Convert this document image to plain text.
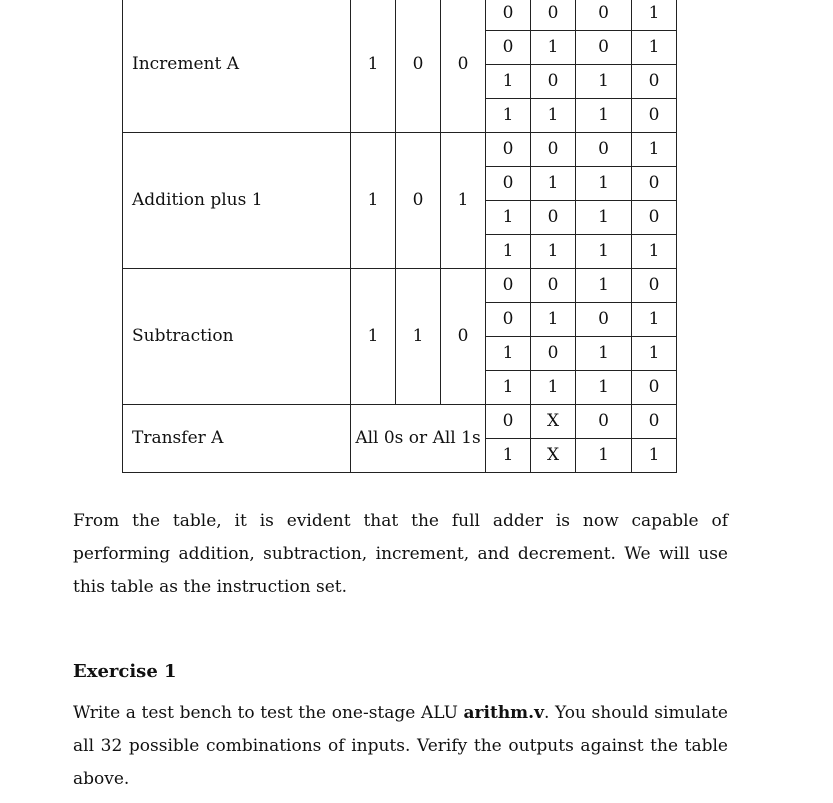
Increment A	1 0 0	0	0	0	1
		0	1	0	1
		1	0	1	0
		1	1	1	0
Addition plus 1	1 0 1	0	0	0	1
		0	1	1	0
		1	0	1	0
		1	1	1	1
Subtraction	1 1 0	0	0	1	0
		0	1	0	1
		1	0	1	1
		1	1	1	0
Transfer A	All 0s or All 1s	0	X	0	0
		1	X	1	1
From the table, it is evident that the full adder is now capable of performing addition, subtraction, increment, and decrement. We will use this table as the instruction set.
Exercise 1
Write a test bench to test the one-stage ALU arithm.v. You should simulate all 32 possible combinations of inputs. Verify the outputs against the table above.
